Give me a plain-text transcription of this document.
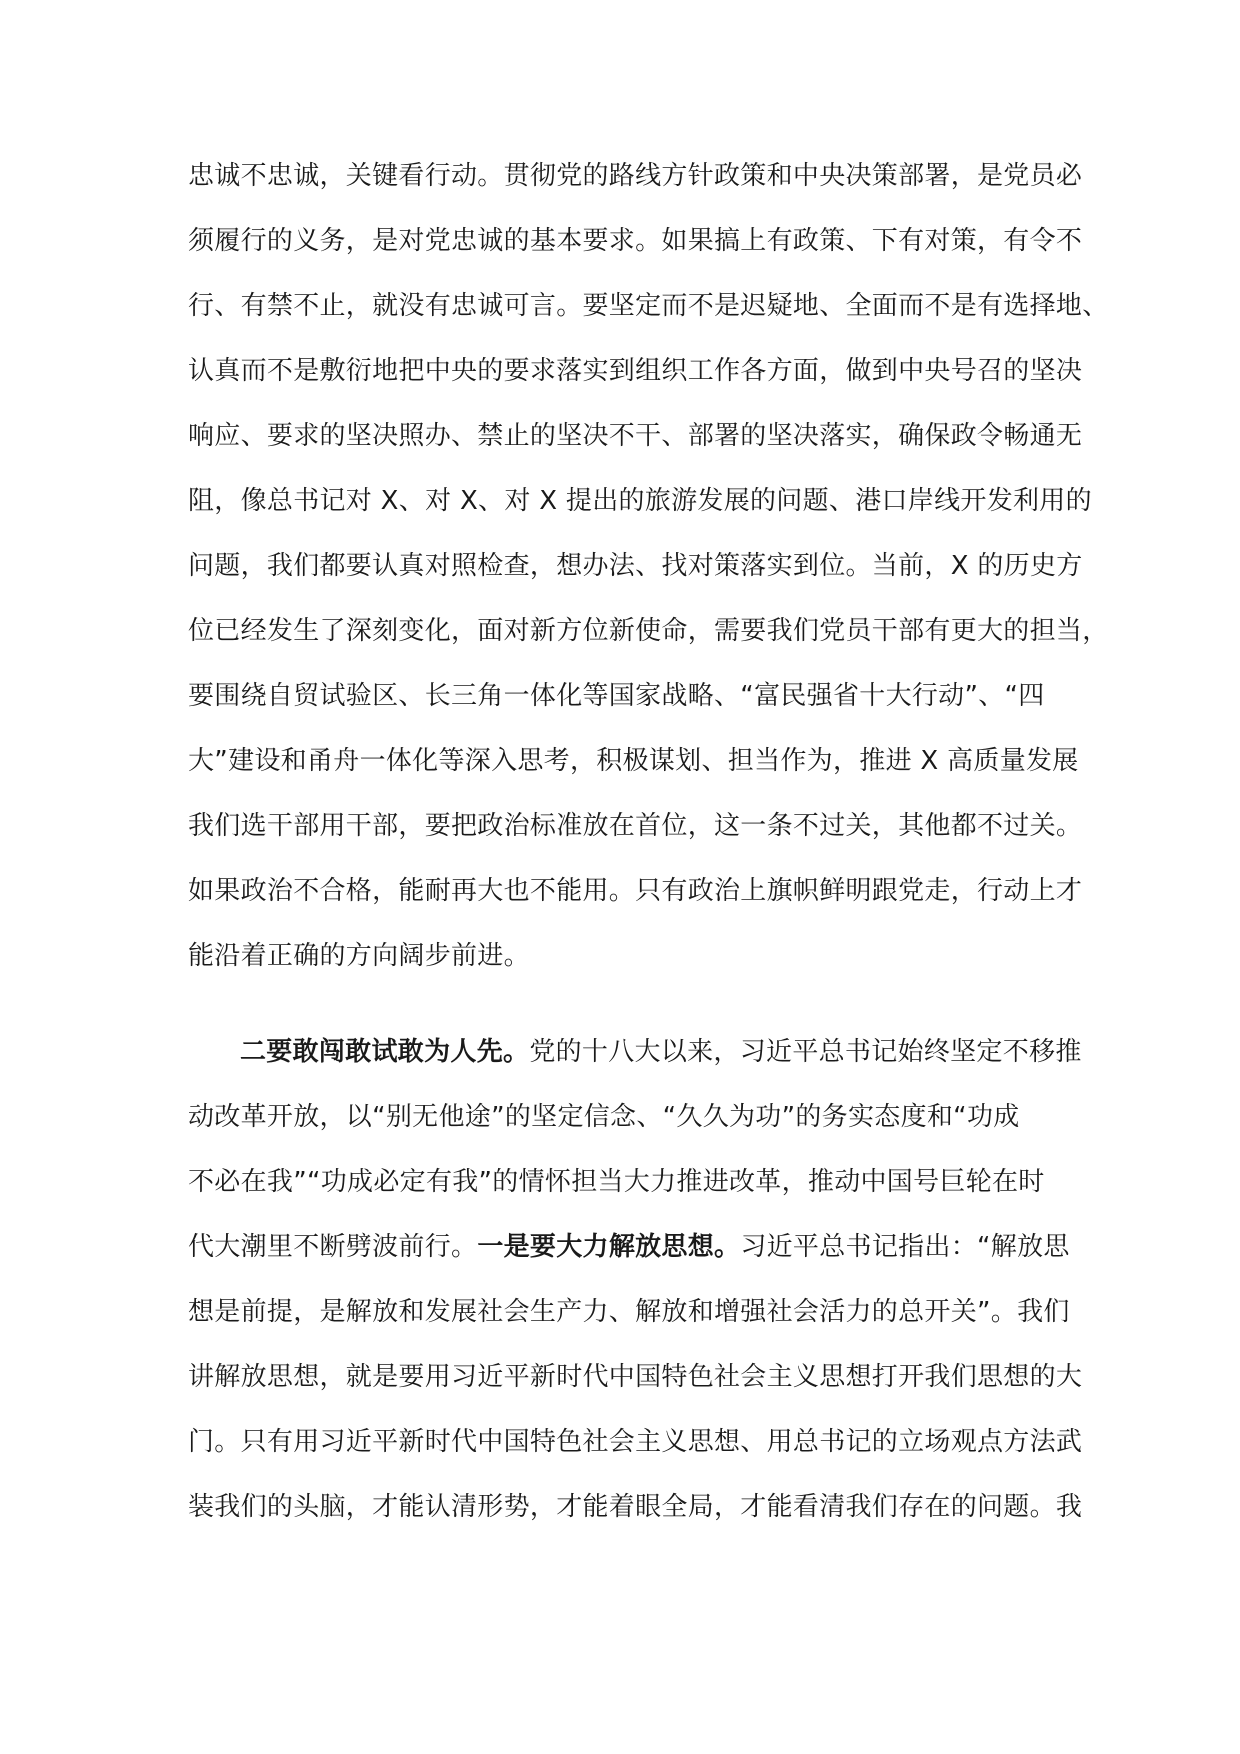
忠诚不忠诚，关键看行动。贯彻党的路线方针政策和中央决策部署，是党员必
须履行的义务，是对党忠诚的基本要求。如果搞上有政策、下有对策，有令不
行、有禁不止，就没有忠诚可言。要坚定而不是迟疑地、全面而不是有选择地、
认真而不是敷衍地把中央的要求落实到组织工作各方面，做到中央号召的坚决
响应、要求的坚决照办、禁止的坚决不干、部署的坚决落实，确保政令畅通无
阻，像总书记对 X、对 X、对 X 提出的旅游发展的问题、港口岸线开发利用的
问题，我们都要认真对照检查，想办法、找对策落实到位。当前，X 的历史方
位已经发生了深刻变化，面对新方位新使命，需要我们党员干部有更大的担当，
要围绕自贸试验区、长三角一体化等国家战略、“富民强省十大行动”、“四
大”建设和甬舟一体化等深入思考，积极谋划、担当作为，推进 X 高质量发展
我们选干部用干部，要把政治标准放在首位，这一条不过关，其他都不过关。
如果政治不合格，能耐再大也不能用。只有政治上旗帜鲜明跟党走，行动上才
能沿着正确的方向阔步前进。
二要敢闯敢试敢为人先。党的十八大以来，习近平总书记始终坚定不移推
动改革开放，以“别无他途”的坚定信念、“久久为功”的务实态度和“功成
不必在我”“功成必定有我”的情怀担当大力推进改革，推动中国号巨轮在时
代大潮里不断劈波前行。一是要大力解放思想。习近平总书记指出：“解放思
想是前提，是解放和发展社会生产力、解放和增强社会活力的总开关”。我们
讲解放思想，就是要用习近平新时代中国特色社会主义思想打开我们思想的大
门。只有用习近平新时代中国特色社会主义思想、用总书记的立场观点方法武
装我们的头脑，才能认清形势，才能着眼全局，才能看清我们存在的问题。我
